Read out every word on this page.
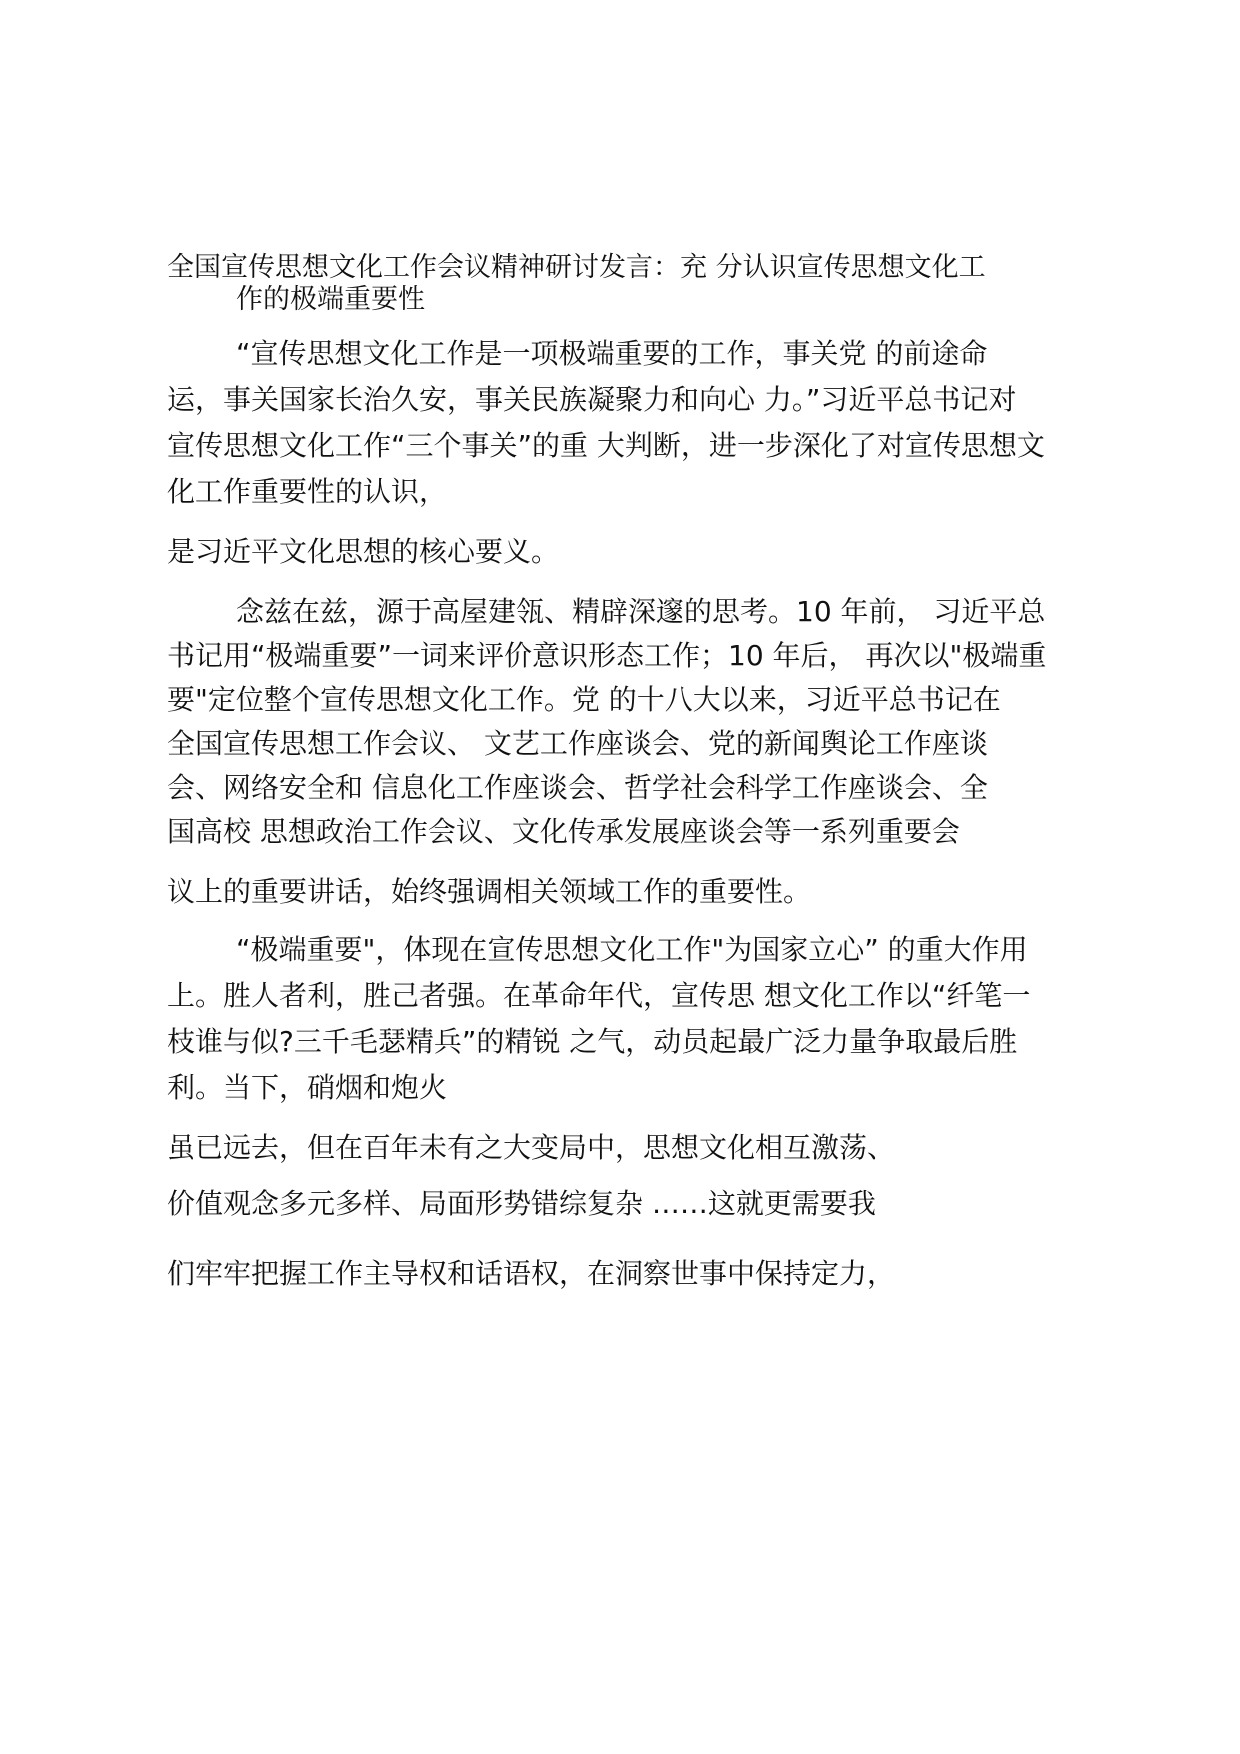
全国宣传思想文化工作会议精神研讨发言：充 分认识宣传思想文化工
作的极端重要性
“宣传思想文化工作是一项极端重要的工作，事关党 的前途命
运，事关国家长治久安，事关民族凝聚力和向心 力。”习近平总书记对
宣传思想文化工作“三个事关”的重 大判断，进一步深化了对宣传思想文
化工作重要性的认识，
是习近平文化思想的核心要义。
念兹在兹，源于高屋建瓴、精辟深邃的思考。10 年前， 习近平总
书记用“极端重要”一词来评价意识形态工作；10 年后， 再次以"极端重
要"定位整个宣传思想文化工作。党 的十八大以来，习近平总书记在
全国宣传思想工作会议、 文艺工作座谈会、党的新闻舆论工作座谈
会、网络安全和 信息化工作座谈会、哲学社会科学工作座谈会、全
国高校 思想政治工作会议、文化传承发展座谈会等一系列重要会
议上的重要讲话，始终强调相关领域工作的重要性。
“极端重要"，体现在宣传思想文化工作"为国家立心” 的重大作用
上。胜人者利，胜己者强。在革命年代，宣传思 想文化工作以“纤笔一
枝谁与似?三千毛瑟精兵”的精锐 之气，动员起最广泛力量争取最后胜
利。当下，硝烟和炮火
虽已远去，但在百年未有之大变局中，思想文化相互激荡、
价值观念多元多样、局面形势错综复杂 ……这就更需要我
们牢牢把握工作主导权和话语权，在洞察世事中保持定力，
